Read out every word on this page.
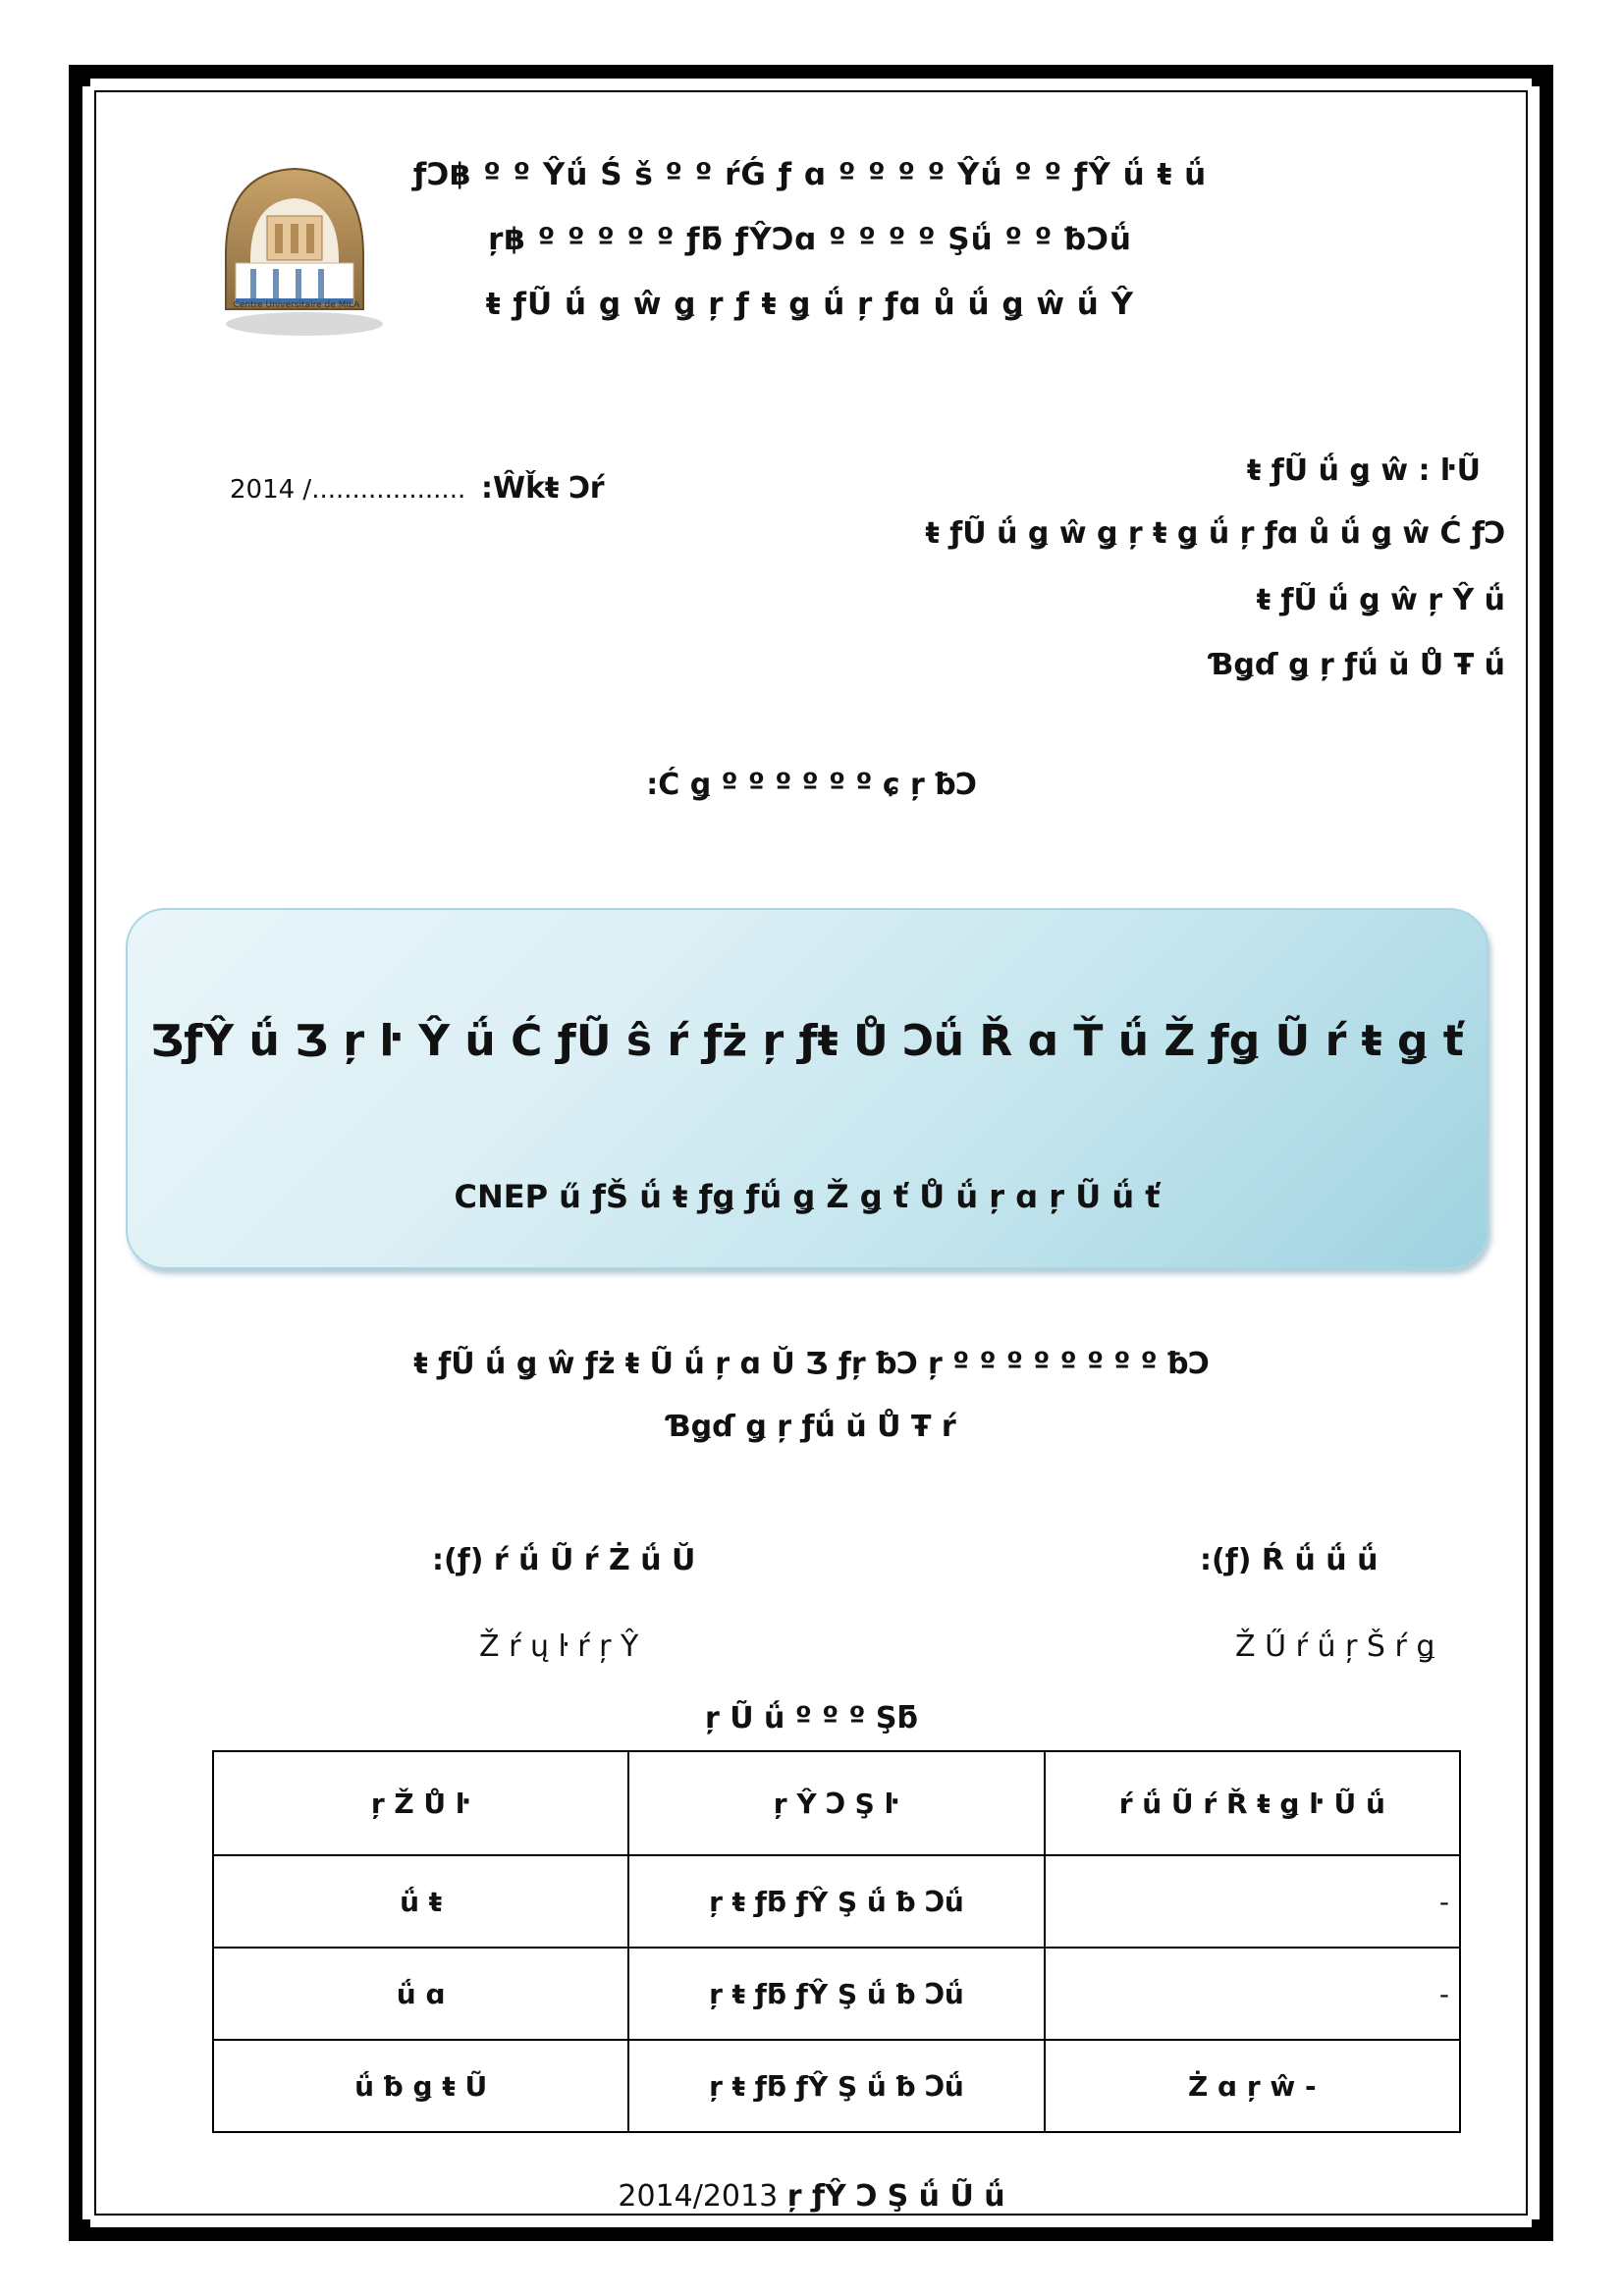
Centre Universitaire de MILA
ƒϽ฿ º º Ŷǘ Ś š º º ŕǴ ƒ ɑ º º º º Ŷǘ º º ƒŶ ǘ ŧ ǘ
ŗ฿ º º º º º ƒƃ ƒŶϽɑ º º º º Şǘ º º ƀϽǘ
ŧ ƒŨ ǘ ǥ ŵ ǥ ŗ ƒ ŧ ǥ ǘ ŗ ƒɑ ů ǘ ǥ ŵ ǘ Ŷ
2014 /................... :Ŵǩŧ Ͻŕ
ŧ ƒŨ ǘ ǥ ŵ : ŀŨ
ŧ ƒŨ ǘ ǥ ŵ ǥ ŗ ŧ ǥ ǘ ŗ ƒɑ ů ǘ ǥ ŵ Ć ƒϽ
ŧ ƒŨ ǘ ǥ ŵ ŗ Ŷ ǘ
Ɓǥɗ ǥ ŗ ƒǘ ŭ Ů Ŧ ǘ
:Ć ǥ º º º º º º ɕ ŗ ƀϽ
ƷƒŶ ǘ Ʒ ŗ ŀ Ŷ ǘ Ć ƒŨ ŝ ŕ ƒż ŗ ƒŧ Ů Ͻǘ Ř ɑ Ť ǘ Ž ƒǥ Ũ ŕ ŧ ǥ ť
CNEP ű ƒŠ ǘ ŧ ƒǥ ƒǘ ǥ Ž ǥ ť Ů ǘ ŗ ɑ ŗ Ũ ǘ ť
ŧ ƒŨ ǘ ǥ ŵ ƒż ŧ Ũ ǘ ŗ ɑ Ŭ Ʒ ƒŗ ƀϽ ŗ º º º º º º º º ƀϽ
Ɓǥɗ ǥ ŗ ƒǘ ŭ Ů Ŧ ŕ
:(ƒ) ŕ ǘ Ũ ŕ Ż ǘ Ŭ	:(ƒ) Ŕ ǘ ǘ ǘ
Ž ŕ ų ŀ ŕ ŗ Ŷ	Ž Ű ŕ ǘ ŗ Š ŕ ǥ
ŗ Ũ ǘ º º º Şƃ
ŗ Ž Ů ŀ	ŗ Ŷ Ͻ Ş ŀ	ŕ ǘ Ũ ŕ Ř ŧ ǥ ŀ Ũ ǘ
ǘ ŧ	ŗ ŧ ƒƃ ƒŶ Ş ǘ ƀ Ͻǘ	-
ǘ ɑ	ŗ ŧ ƒƃ ƒŶ Ş ǘ ƀ Ͻǘ	-
ǘ ƀ ǥ ŧ Ũ	ŗ ŧ ƒƃ ƒŶ Ş ǘ ƀ Ͻǘ	Ż ɑ ŗ ŵ -
2014/2013 ŗ ƒŶ Ͻ Ş ǘ Ũ ǘ
